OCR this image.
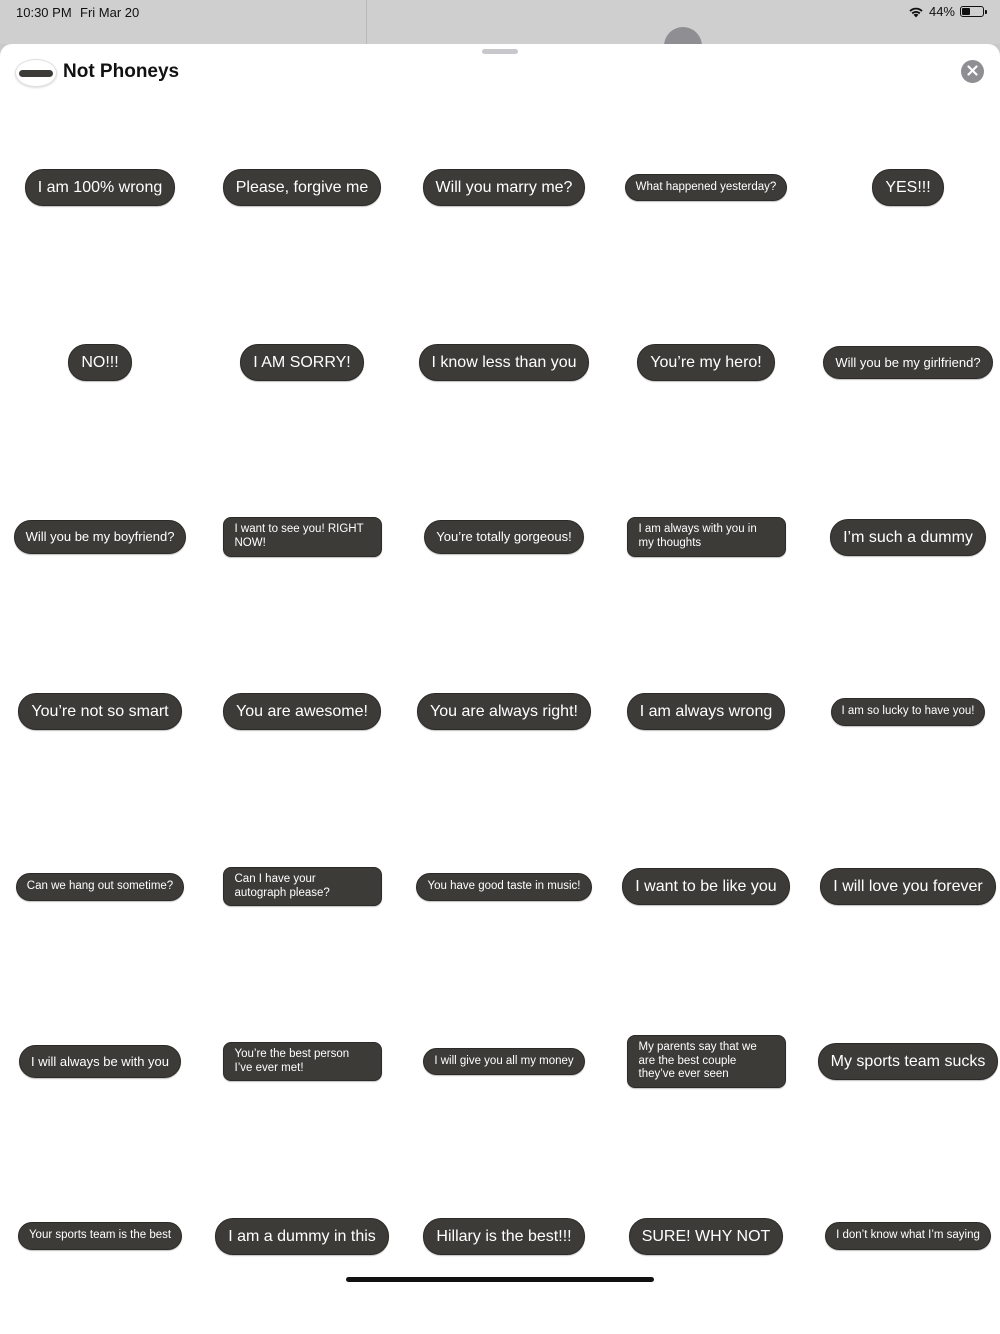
10:30 PM Fri Mar 20	44%
Not Phoneys
I am 100% wrong	Please, forgive me	Will you marry me?	What happened yesterday?	YES!!!
NO!!!	I AM SORRY!	I know less than you	You’re my hero!	Will you be my girlfriend?
Will you be my boyfriend?	I want to see you! RIGHT NOW!	You’re totally gorgeous!	I am always with you in my thoughts	I’m such a dummy
You’re not so smart	You are awesome!	You are always right!	I am always wrong	I am so lucky to have you!
Can we hang out sometime?
Can I have your autograph please?
You have good taste in music!	I want to be like you	I will love you forever
I will always be with you	You’re the best person I’ve ever met!
I will give you all my money
My parents say that we are the best couple they’ve ever seen
My sports team sucks
Your sports team is the best	I am a dummy in this	Hillary is the best!!!	SURE! WHY NOT	I don’t know what I’m saying
